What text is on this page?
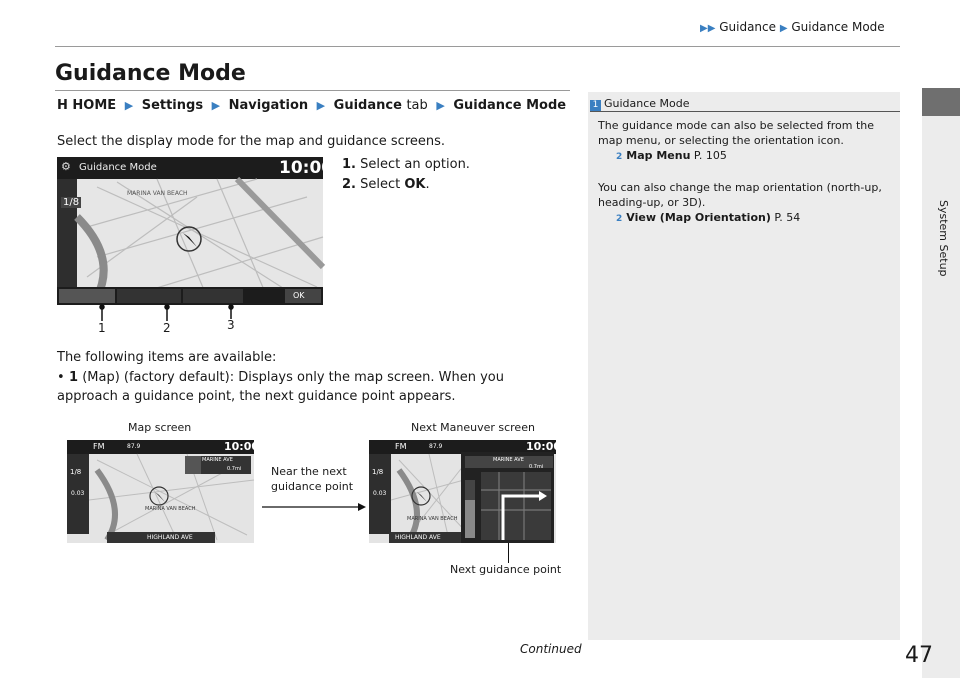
▶▶ Guidance ▶ Guidance Mode
System Setup
Guidance Mode
H HOME ▶ Settings ▶ Navigation ▶ Guidance tab ▶ Guidance Mode
Select the display mode for the map and guidance screens.
⚙ Guidance Mode	10:00
1/8
MARINA VAN BEACH
OK
1	2	3
1. Select an option.
2. Select OK.
The following items are available:
• 1 (Map) (factory default): Displays only the map screen. When you approach a guidance point, the next guidance point appears.
Map screen	Next Maneuver screen
Near the next guidance point
FM	87.9	10:00
1/8
0.03
MARINE AVE
0.7mi
MARINA VAN BEACH
HIGHLAND AVE
FM	87.9	10:00
1/8
0.03
MARINE AVE
0.7mi
MARINA VAN BEACH
HIGHLAND AVE
Next guidance point
1 Guidance Mode
The guidance mode can also be selected from the map menu, or selecting the orientation icon.
2 Map Menu P. 105
You can also change the map orientation (north-up, heading-up, or 3D).
2 View (Map Orientation) P. 54
Continued	47
